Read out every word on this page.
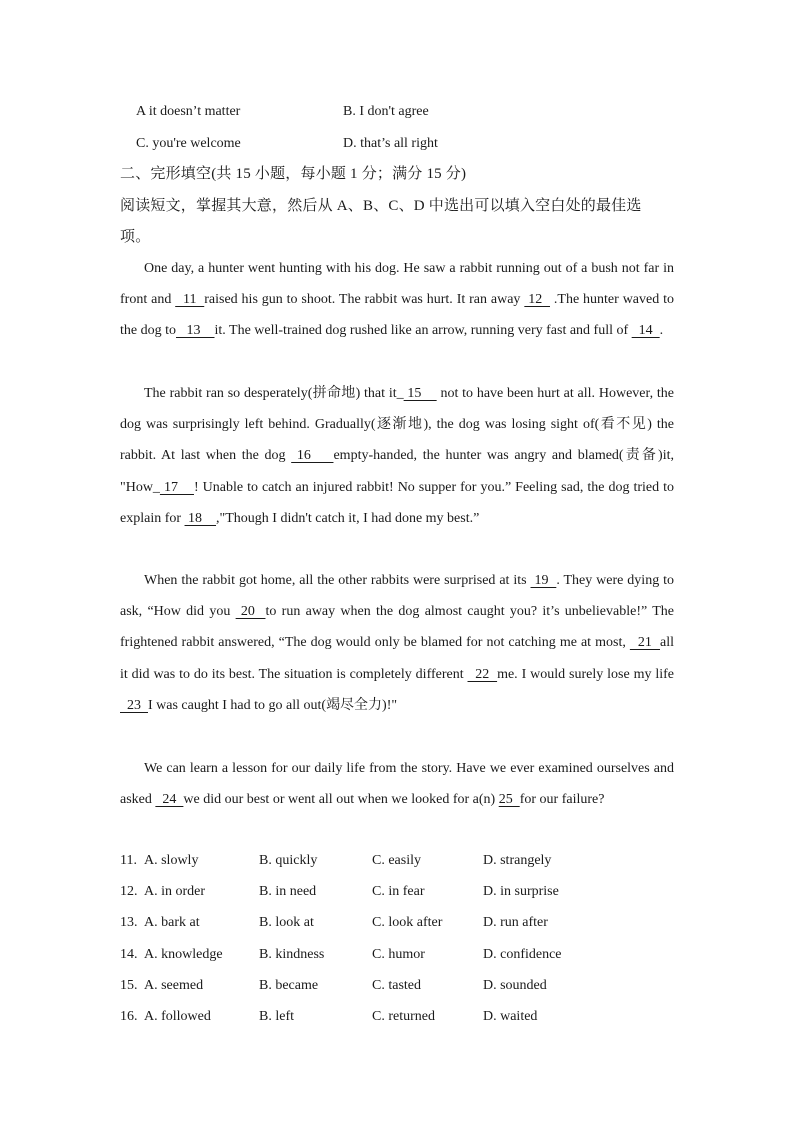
A it doesn’t matter	B. I don't agree
C. you're welcome	D. that’s all right
二、完形填空(共 15 小题，每小题 1 分；满分 15 分)
阅读短文，掌握其大意，然后从 A、B、C、D 中选出可以填入空白处的最佳选
项。
One day, a hunter went hunting with his dog. He saw a rabbit running out of a bush not far in front and   11  raised his gun to shoot. The rabbit was hurt. It ran away  12   .The hunter waved to the dog to   13    it. The well-trained dog rushed like an arrow, running very fast and full of   14  .
The rabbit ran so desperately(拼命地) that it_ 15     not to have been hurt at all. However, the dog was surprisingly left behind. Gradually(逐渐地), the dog was losing sight of(看不见) the rabbit. At last when the dog  16    empty-handed, the hunter was angry and blamed(责备)it, "How_ 17    ! Unable to catch an injured rabbit! No supper for you.” Feeling sad, the dog tried to explain for  18    ,"Though I didn't catch it, I had done my best.”
When the rabbit got home, all the other rabbits were surprised at its  19  . They were dying to ask, “How did you  20  to run away when the dog almost caught you? it’s unbelievable!” The frightened rabbit answered, “The dog would only be blamed for not catching me at most,   21  all it did was to do its best. The situation is completely different   22  me. I would surely lose my life   23  I was caught I had to go all out(竭尽全力)!"
We can learn a lesson for our daily life from the story. Have we ever examined ourselves and asked   24  we did our best or went all out when we looked for a(n) 25  for our failure?
11. A. slowly	B. quickly	C. easily	D. strangely
12. A. in order	B. in need	C. in fear	D. in surprise
13. A. bark at	B. look at	C. look after	D. run after
14. A. knowledge	B. kindness	C. humor	D. confidence
15. A. seemed	B. became	C. tasted	D. sounded
16. A. followed	B. left	C. returned	D. waited
